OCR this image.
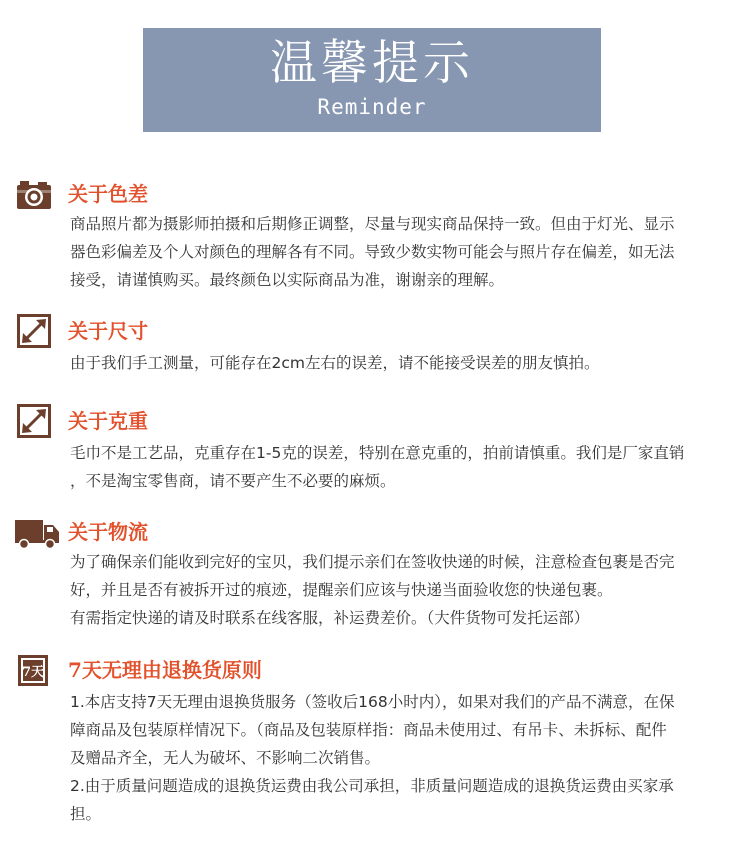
温馨提示
Reminder
关于色差

商品照片都为摄影师拍摄和后期修正调整，尽量与现实商品保持一致。但由于灯光、显示

器色彩偏差及个人对颜色的理解各有不同。导致少数实物可能会与照片存在偏差，如无法

接受，请谨慎购买。最终颜色以实际商品为准，谢谢亲的理解。

关于尺寸

由于我们手工测量，可能存在2cm左右的误差，请不能接受误差的朋友慎拍。

关于克重

毛巾不是工艺品，克重存在1-5克的误差，特别在意克重的，拍前请慎重。我们是厂家直销

，不是淘宝零售商，请不要产生不必要的麻烦。

关于物流

为了确保亲们能收到完好的宝贝，我们提示亲们在签收快递的时候，注意检查包裹是否完

好，并且是否有被拆开过的痕迹，提醒亲们应该与快递当面验收您的快递包裹。

有需指定快递的请及时联系在线客服，补运费差价。（大件货物可发托运部）

7天 7天无理由退换货原则

1.本店支持7天无理由退换货服务（签收后168小时内），如果对我们的产品不满意，在保

障商品及包装原样情况下。（商品及包装原样指：商品未使用过、有吊卡、未拆标、配件

及赠品齐全，无人为破坏、不影响二次销售。

2.由于质量问题造成的退换货运费由我公司承担，非质量问题造成的退换货运费由买家承

担。
